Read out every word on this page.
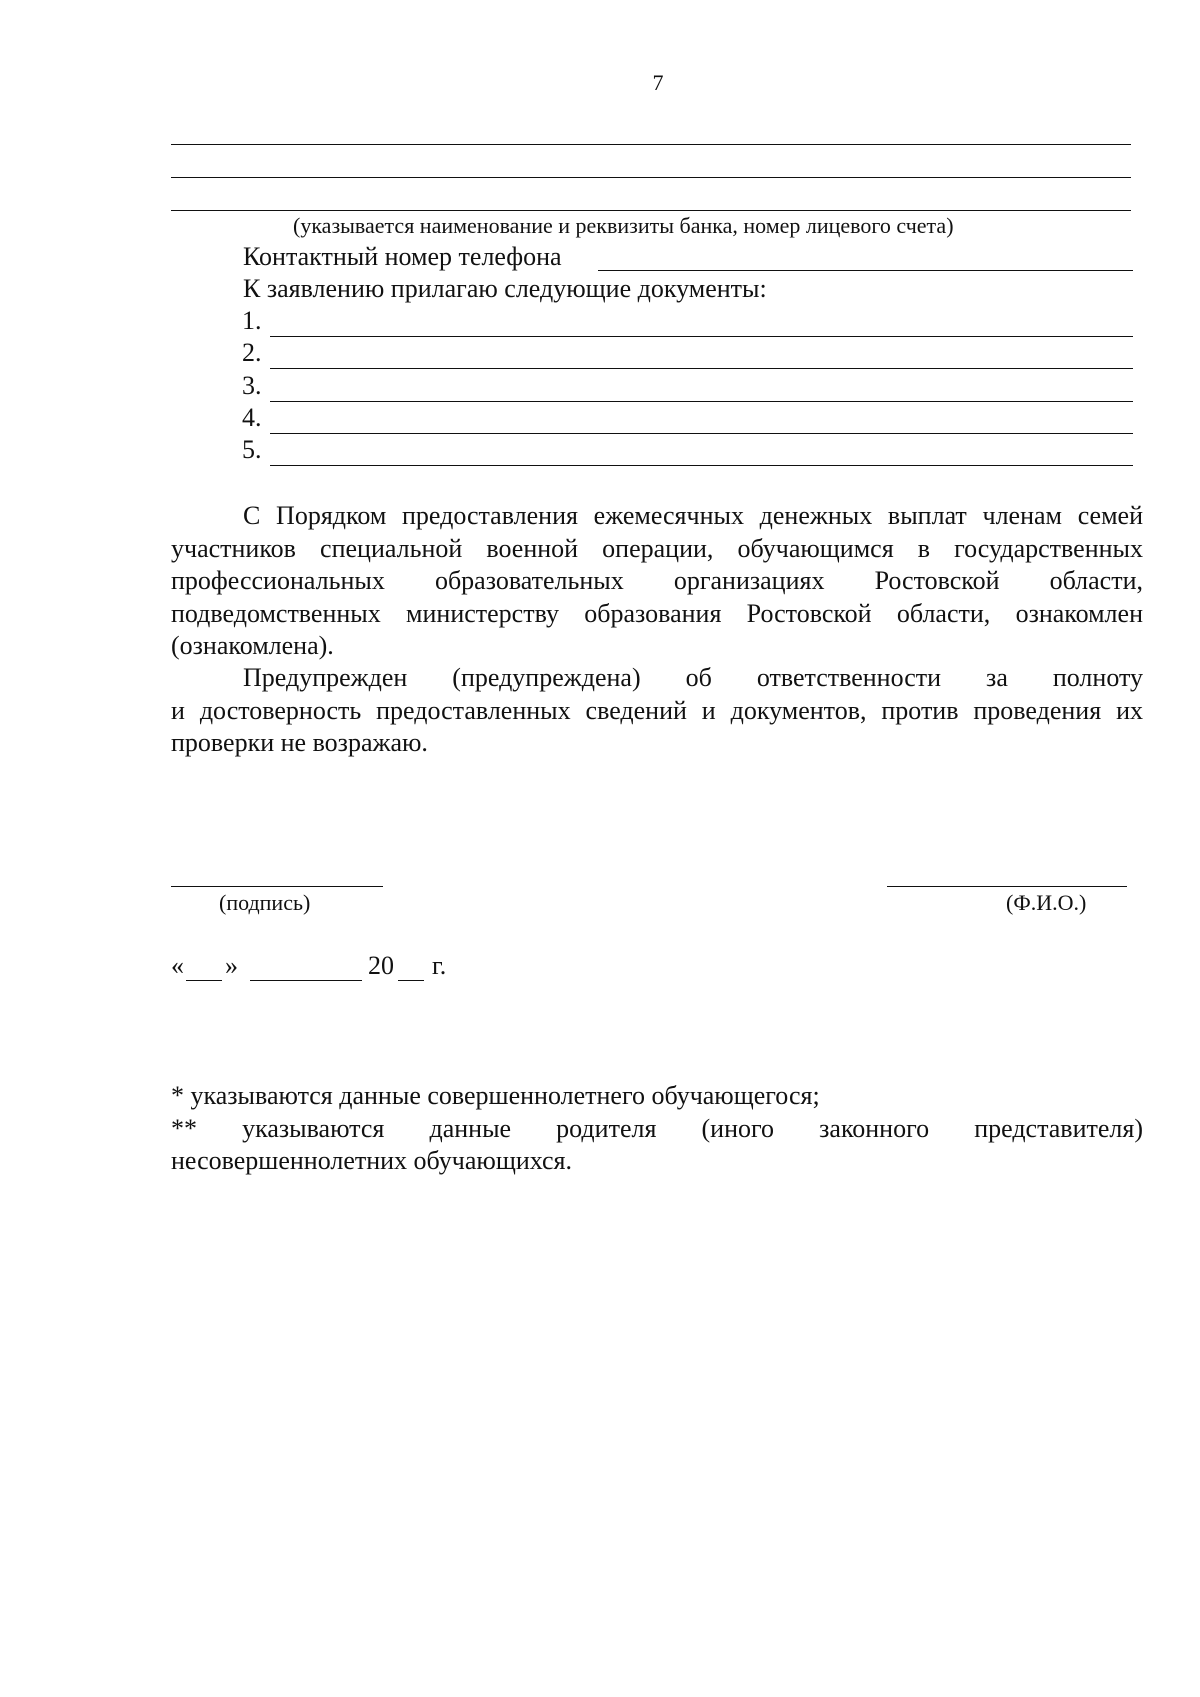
7
(указывается наименование и реквизиты банка, номер лицевого счета)
Контактный номер телефона
К заявлению прилагаю следующие документы:
1.
2.
3.
4.
5.
С Порядком предоставления ежемесячных денежных выплат членам семей
участников специальной военной операции, обучающимся в государственных
профессиональных образовательных организациях Ростовской области,
подведомственных министерству образования Ростовской области, ознакомлен
(ознакомлена).
Предупрежден (предупреждена) об ответственности за полноту
и достоверность предоставленных сведений и документов, против проведения их
проверки не возражаю.
(подпись)	(Ф.И.О.)
« »	20 г.
* указываются данные совершеннолетнего обучающегося;
** указываются данные родителя (иного законного представителя)
несовершеннолетних обучающихся.
